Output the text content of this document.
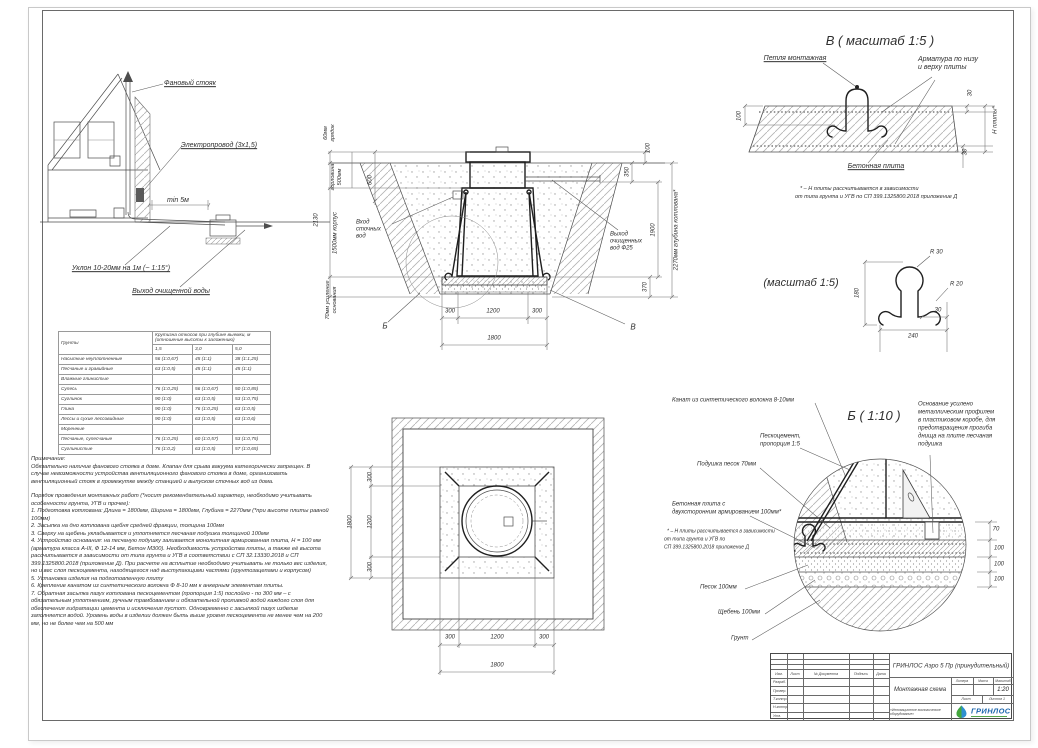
Фановый стояк
Электропровод (3х1,5)
min 5м
Уклон 10-20мм на 1м (~ 1:15°)
Выход очищенной воды
Вход
сточных
вод	Выход
очищенных
вод Ф25
Б	В
60мм грядок
2130
горловина 500мм	600
1500мм корпус
70мм усиление основания
100
350
1900
370
2270мм глубина котлована*
300	1200	300
1800
В ( масштаб 1:5 )
Петля монтажная	Арматура по низу
и верху плиты
Бетонная плита
100
30
30
Н плиты*
* – Н плиты рассчитывается в зависимости
от типа грунта и УГВ по СП 399.1325800.2018 приложение Д
(масштаб 1:5)
R 30
R 20
180
240
30
Б ( 1:10 )
Канат из синтетического волокна 8-10мм
Пескоцемент,
пропорция 1:5
Подушка песок 70мм
Бетонная плита с
двухсторонним армированием 100мм*
* – Н плиты рассчитывается в зависимости
от типа грунта и УГВ по
СП 399.1325800.2018 приложение Д
Песок 100мм
Щебень 100мм
Грунт
Основание усилено
металлическим профилем
в пластиковом коробе, для
предотвращения прогиба
днища на плите песчаная
подушка
70
100
100
100
300
1200
300
1800
300	1200	300
1800
Грунты	Крутизна откосов при глубине выемки, м (отношение высоты к заложению)		
	1,5	3,0	5,0
Насыпные неуплотненные	56 (1:0,67)	45 (1:1)	38 (1:1,25)
Песчаные и гравийные	63 (1:0,5)	45 (1:1)	45 (1:1)
Влажные глинистые			
Супесь	76 (1:0,25)	56 (1:0,67)	50 (1:0,85)
Суглинок	90 (1:0)	63 (1:0,5)	53 (1:0,75)
Глина	90 (1:0)	76 (1:0,25)	63 (1:0,5)
Лессы и сухие лессовидные	90 (1:0)	63 (1:0,5)	63 (1:0,6)
Моренные			
Песчаные, супесчаные	76 (1:0,25)	60 (1:0,57)	53 (1:0,75)
Суглинистые	76 (1:0,2)	63 (1:0,5)	57 (1:0,65)
Примечание:
Обязательно наличие фанового стояка в доме. Клапан для срыва вакуума категорически запрещен. В случае невозможности устройства вентиляционного фанового стояка в доме, организовать вентиляционный стояк в промежутке между станцией и выпуском сточных вод из дома.
Порядок проведения монтажных работ (*носит рекомендательный характер, необходимо учитывать особенности грунта, УГВ и прочее):
1. Подготовка котлована: Длина = 1800мм, Ширина = 1800мм, Глубина = 2270мм (*при высоте плиты равной 100мм)
2. Засыпка на дно котлована щебня средней фракции, толщина 100мм
3. Сверху на щебень укладывается и уплотняется песчаная подушка толщиной 100мм
4. Устройство основания: на песчаную подушку заливается монолитная армированная плита, Н = 100 мм (арматура класса А-III, Ф 12-14 мм, Бетон М300). Необходимость устройства плиты, а также её высота рассчитывается в зависимости от типа грунта и УГВ в соответствии с СП 32.13330.2018 и СП 399.1325800.2018 (приложение Д). При расчете на всплытие необходимо учитывать не только вес изделия, но и вес слоя пескоцемента, находящегося над выступающими частями (грунтозацепами и корпусом)
5. Установка изделия на подготовленную плиту
6. Крепление канатом из синтетического волокна Ф 8-10 мм к анкерным элементам плиты.
7. Обратная засыпка пазух котлована пескоцементом (пропорция 1:5) послойно - по 300 мм – с обязательным уплотнением, ручным трамбованием и обязательной проливкой водой каждого слоя для обеспечения гидратации цемента и исключения пустот. Одновременно с засыпкой пазух изделие заполняется водой. Уровень воды в изделии должен быть выше уровня пескоцемента не менее чем на 200 мм, но не более чем на 500 мм
Изм. Лист	№ Документа	Подпись Дата
Разраб.
Провер.
Т.контр.
Н.контр.
Утв.
ГРИНЛОС Аэро 5 Пр (принудительный)
Монтажная схема
Литера	Масса Масштаб
1:20
Лист	Листов 1
«Инновационное экологическое оборудование»	ГРИНЛОС
